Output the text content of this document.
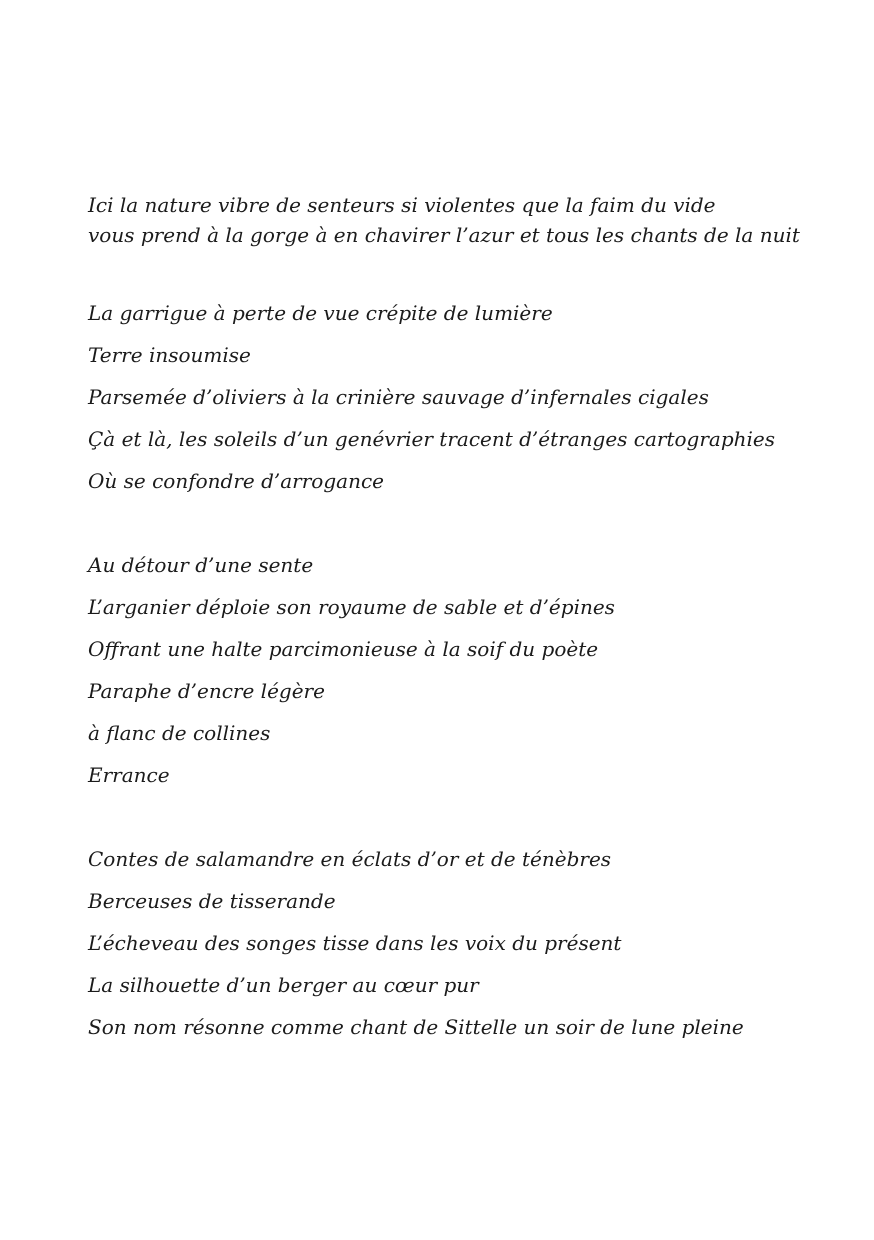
Ici la nature vibre de senteurs si violentes que la faim du vide

vous prend à la gorge à en chavirer l’azur et tous les chants de la nuit

La garrigue à perte de vue crépite de lumière

Terre insoumise

Parsemée d’oliviers à la crinière sauvage d’infernales cigales

Çà et là, les soleils d’un genévrier tracent d’étranges cartographies

Où se confondre d’arrogance

Au détour d’une sente

L’arganier déploie son royaume de sable et d’épines

Offrant une halte parcimonieuse à la soif du poète

Paraphe d’encre légère

à flanc de collines

Errance

Contes de salamandre en éclats d’or et de ténèbres

Berceuses de tisserande

L’écheveau des songes tisse dans les voix du présent

La silhouette d’un berger au cœur pur

Son nom résonne comme chant de Sittelle un soir de lune pleine
